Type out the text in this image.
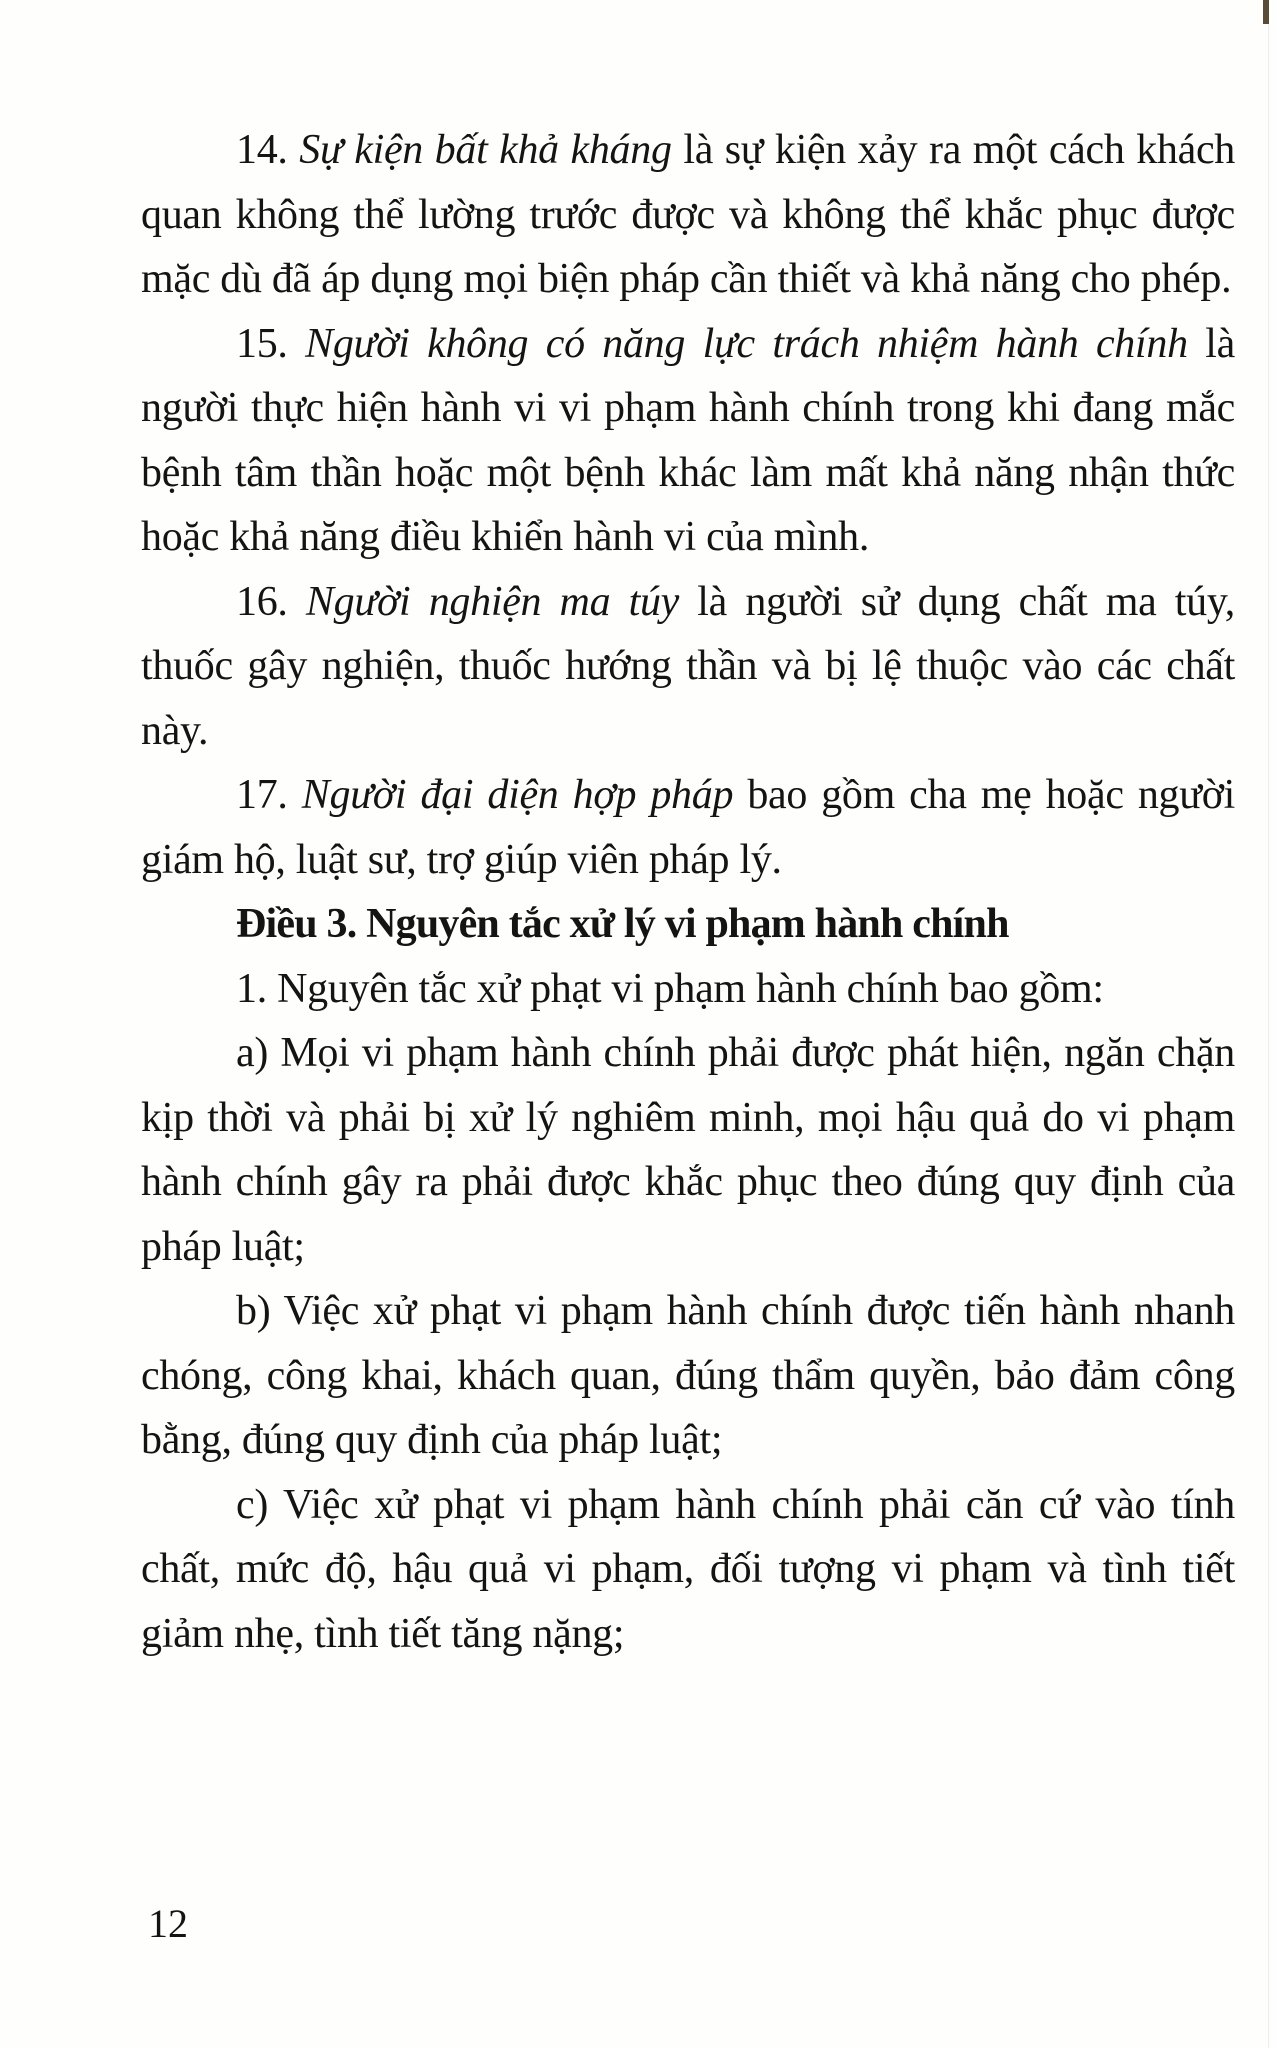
14. Sự kiện bất khả kháng là sự kiện xảy ra một cách khách quan không thể lường trước được và không thể khắc phục được mặc dù đã áp dụng mọi biện pháp cần thiết và khả năng cho phép.

15. Người không có năng lực trách nhiệm hành chính là người thực hiện hành vi vi phạm hành chính trong khi đang mắc bệnh tâm thần hoặc một bệnh khác làm mất khả năng nhận thức hoặc khả năng điều khiển hành vi của mình.

16. Người nghiện ma túy là người sử dụng chất ma túy, thuốc gây nghiện, thuốc hướng thần và bị lệ thuộc vào các chất này.

17. Người đại diện hợp pháp bao gồm cha mẹ hoặc người giám hộ, luật sư, trợ giúp viên pháp lý.

Điều 3. Nguyên tắc xử lý vi phạm hành chính

1. Nguyên tắc xử phạt vi phạm hành chính bao gồm:

a) Mọi vi phạm hành chính phải được phát hiện, ngăn chặn kịp thời và phải bị xử lý nghiêm minh, mọi hậu quả do vi phạm hành chính gây ra phải được khắc phục theo đúng quy định của pháp luật;

b) Việc xử phạt vi phạm hành chính được tiến hành nhanh chóng, công khai, khách quan, đúng thẩm quyền, bảo đảm công bằng, đúng quy định của pháp luật;

c) Việc xử phạt vi phạm hành chính phải căn cứ vào tính chất, mức độ, hậu quả vi phạm, đối tượng vi phạm và tình tiết giảm nhẹ, tình tiết tăng nặng;

12
